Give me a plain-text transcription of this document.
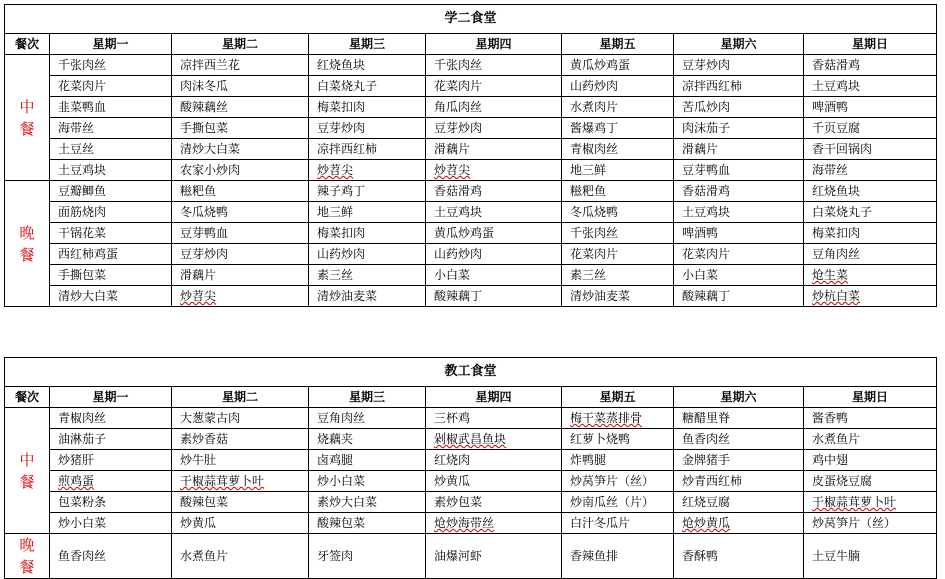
学二食堂							
餐次	星期一	星期二	星期三	星期四	星期五	星期六	星期日

中
餐	千张肉丝	凉拌西兰花	红烧鱼块	千张肉丝	黄瓜炒鸡蛋	豆芽炒肉	香菇滑鸡
	花菜肉片	肉沫冬瓜	白菜烧丸子	花菜肉片	山药炒肉	凉拌西红柿	土豆鸡块
	韭菜鸭血	酸辣藕丝	梅菜扣肉	角瓜肉丝	水煮肉片	苦瓜炒肉	啤酒鸭
	海带丝	手撕包菜	豆芽炒肉	豆芽炒肉	酱爆鸡丁	肉沫茄子	千页豆腐
	土豆丝	清炒大白菜	凉拌西红柿	滑藕片	青椒肉丝	滑藕片	香干回锅肉
	土豆鸡块	农家小炒肉	炒苕尖	炒苕尖	地三鲜	豆芽鸭血	海带丝

晚
餐	豆瓣鲫鱼	糍粑鱼	辣子鸡丁	香菇滑鸡	糍粑鱼	香菇滑鸡	红烧鱼块
	面筋烧肉	冬瓜烧鸭	地三鲜	土豆鸡块	冬瓜烧鸭	土豆鸡块	白菜烧丸子
	干锅花菜	豆芽鸭血	梅菜扣肉	黄瓜炒鸡蛋	千张肉丝	啤酒鸭	梅菜扣肉
	西红柿鸡蛋	豆芽炒肉	山药炒肉	山药炒肉	花菜肉片	花菜肉片	豆角肉丝
	手撕包菜	滑藕片	素三丝	小白菜	素三丝	小白菜	炝生菜
	清炒大白菜	炒苕尖	清炒油麦菜	酸辣藕丁	清炒油麦菜	酸辣藕丁	炒杭白菜
教工食堂							
餐次	星期一	星期二	星期三	星期四	星期五	星期六	星期日

中
餐	青椒肉丝	大葱蒙古肉	豆角肉丝	三杯鸡	梅干菜蒸排骨	糖醋里脊	酱香鸭
	油淋茄子	素炒香菇	烧藕夹	剁椒武昌鱼块	红萝卜烧鸭	鱼香肉丝	水煮鱼片
	炒猪肝	炒牛肚	卤鸡腿	红烧肉	炸鸭腿	金牌猪手	鸡中翅
	煎鸡蛋	干椒蒜茸萝卜叶	炒小白菜	炒黄瓜	炒莴笋片（丝）	炒青西红柿	皮蛋烧豆腐
	包菜粉条	酸辣包菜	素炒大白菜	素炒包菜	炒南瓜丝（片）	红烧豆腐	干椒蒜茸萝卜叶
	炒小白菜	炒黄瓜	酸辣包菜	炝炒海带丝	白汁冬瓜片	炝炒黄瓜	炒莴笋片（丝）

晚
餐	鱼香肉丝	水煮鱼片	牙签肉	油爆河虾	香辣鱼排	香酥鸭	土豆牛腩
